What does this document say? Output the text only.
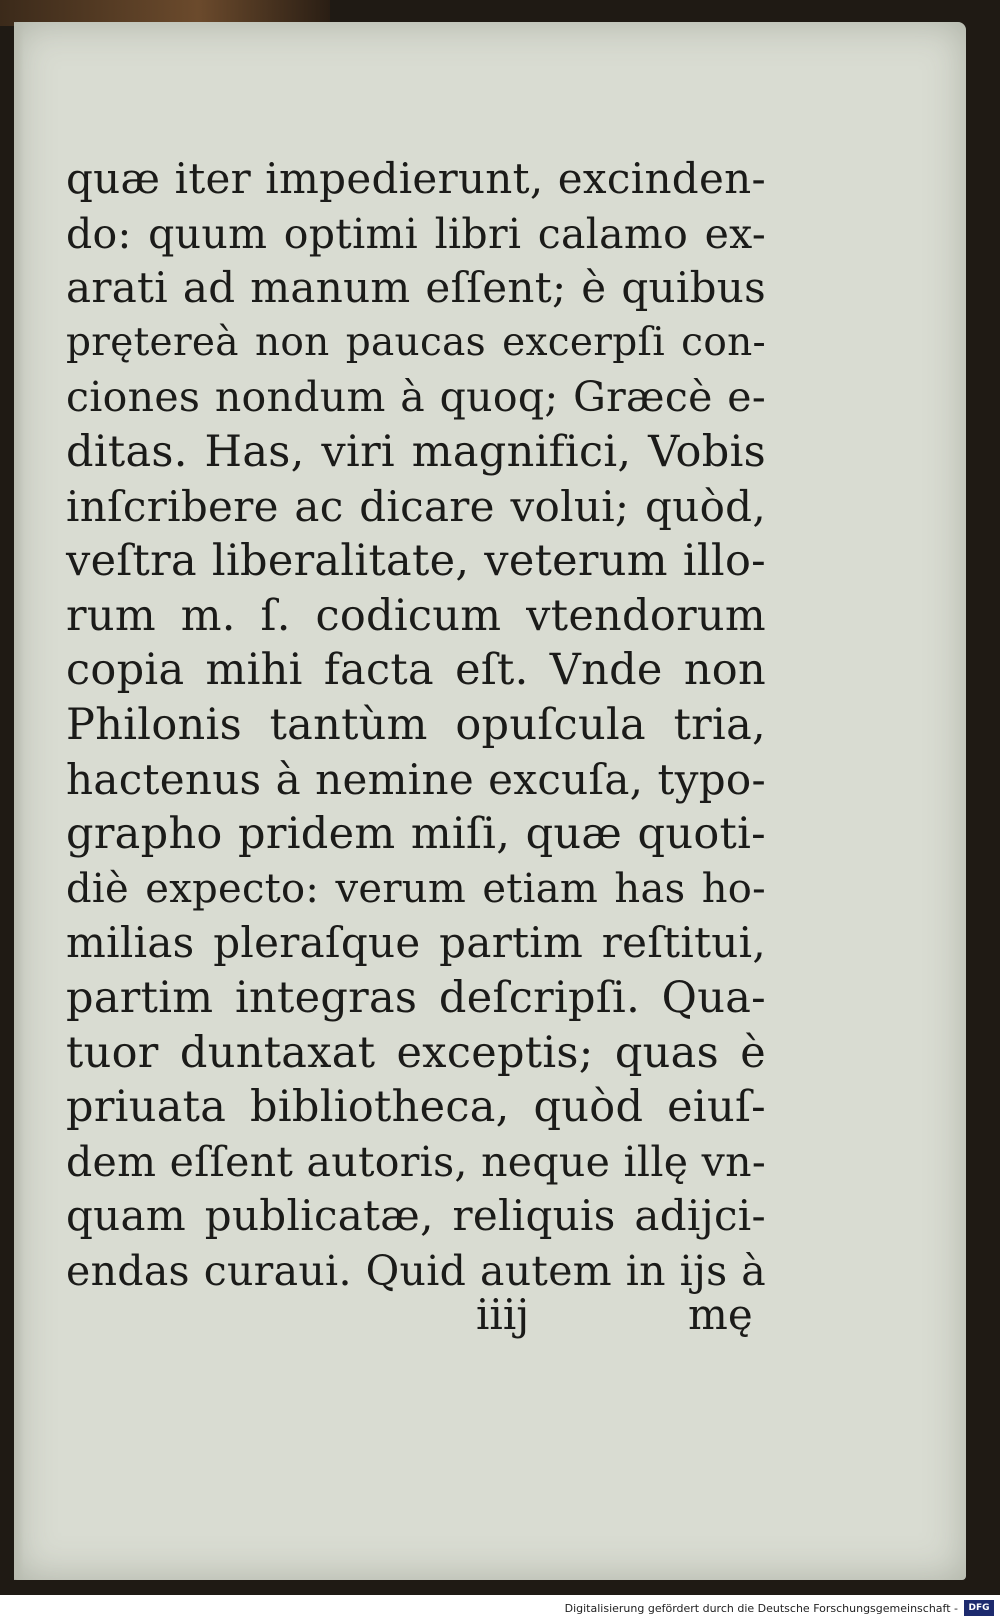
quæ iter impedierunt, excinden-
do: quum optimi libri calamo ex-
arati ad manum eſſent; è quibus
prętereà non paucas excerpſi con-
ciones nondum à quoq; Græcè e-
ditas. Has, viri magnifici, Vobis
inſcribere ac dicare volui; quòd,
veſtra liberalitate, veterum illo-
rum m. ſ. codicum vtendorum
copia mihi facta eſt. Vnde non
Philonis tantùm opuſcula tria,
hactenus à nemine excuſa, typo-
grapho pridem miſi, quæ quoti-
diè expecto: verum etiam has ho-
milias pleraſque partim reſtitui,
partim integras deſcripſi. Qua-
tuor duntaxat exceptis; quas è
priuata bibliotheca, quòd eiuſ-
dem eſſent autoris, neque illę vn-
quam publicatæ, reliquis adijci-
endas curaui. Quid autem in ijs à
iiij	mę
Digitalisierung gefördert durch die Deutsche Forschungsgemeinschaft -	DFG
